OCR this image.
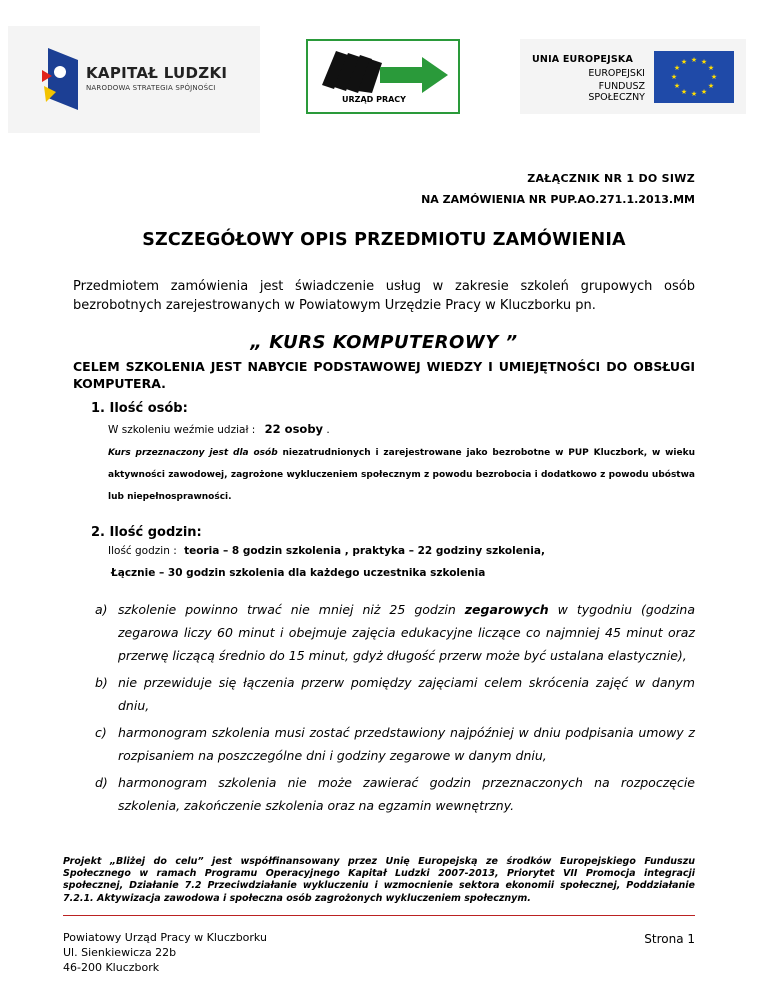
KAPITAŁ LUDZKI
NARODOWA STRATEGIA SPÓJNOŚCI
URZĄD PRACY
UNIA EUROPEJSKA
EUROPEJSKI
FUNDUSZ SPOŁECZNY
★ ★
★
★
★
★
★
★
★
★
★
★
ZAŁĄCZNIK NR 1 DO SIWZ
NA ZAMÓWIENIA NR PUP.AO.271.1.2013.MM
SZCZEGÓŁOWY OPIS PRZEDMIOTU ZAMÓWIENIA
Przedmiotem zamówienia jest świadczenie usług w zakresie szkoleń grupowych osób bezrobotnych zarejestrowanych w Powiatowym Urzędzie Pracy w Kluczborku pn.
„ KURS KOMPUTEROWY ”
CELEM SZKOLENIA JEST NABYCIE PODSTAWOWEJ WIEDZY I UMIEJĘTNOŚCI DO OBSŁUGI KOMPUTERA.
1. Ilość osób:
W szkoleniu weźmie udział : 22 osoby .
Kurs przeznaczony jest dla osób niezatrudnionych i zarejestrowane jako bezrobotne w PUP Kluczbork, w wieku aktywności zawodowej, zagrożone wykluczeniem społecznym z powodu bezrobocia i dodatkowo z powodu ubóstwa lub niepełnosprawności.
2. Ilość godzin:
Ilość godzin : teoria – 8 godzin szkolenia , praktyka – 22 godziny szkolenia,
Łącznie – 30 godzin szkolenia dla każdego uczestnika szkolenia
a) szkolenie powinno trwać nie mniej niż 25 godzin zegarowych w tygodniu (godzina zegarowa liczy 60 minut i obejmuje zajęcia edukacyjne liczące co najmniej 45 minut oraz przerwę liczącą średnio do 15 minut, gdyż długość przerw może być ustalana elastycznie),
b) nie przewiduje się łączenia przerw pomiędzy zajęciami celem skrócenia zajęć w danym dniu,
c) harmonogram szkolenia musi zostać przedstawiony najpóźniej w dniu podpisania umowy z rozpisaniem na poszczególne dni i godziny zegarowe w danym dniu,
d) harmonogram szkolenia nie może zawierać godzin przeznaczonych na rozpoczęcie szkolenia, zakończenie szkolenia oraz na egzamin wewnętrzny.
Projekt „Bliżej do celu” jest współfinansowany przez Unię Europejską ze środków Europejskiego Funduszu Społecznego w ramach Programu Operacyjnego Kapitał Ludzki 2007-2013, Priorytet VII Promocja integracji społecznej, Działanie 7.2 Przeciwdziałanie wykluczeniu i wzmocnienie sektora ekonomii społecznej, Poddziałanie 7.2.1. Aktywizacja zawodowa i społeczna osób zagrożonych wykluczeniem społecznym.
Powiatowy Urząd Pracy w Kluczborku
Ul. Sienkiewicza 22b
46-200 Kluczbork
Strona 1
